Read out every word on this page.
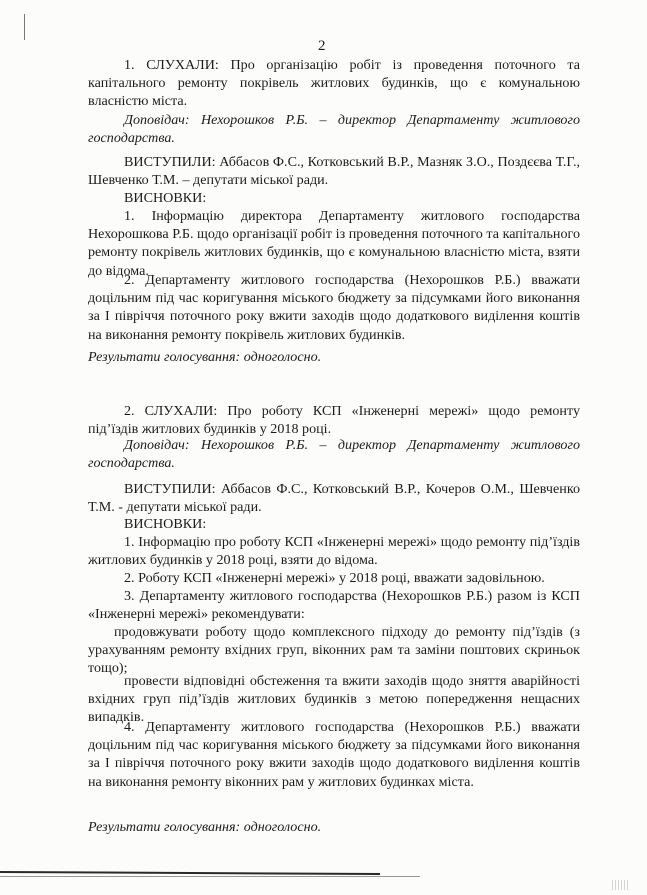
2

1. СЛУХАЛИ: Про організацію робіт із проведення поточного та капітального ремонту покрівель житлових будинків, що є комунальною власністю міста.

Доповідач: Нехорошков Р.Б. – директор Департаменту житлового господарства.

ВИСТУПИЛИ: Аббасов Ф.С., Котковський В.Р., Мазняк З.О., Поздєєва Т.Г., Шевченко Т.М. – депутати міської ради.

ВИСНОВКИ:

1. Інформацію директора Департаменту житлового господарства Нехорошкова Р.Б. щодо організації робіт із проведення поточного та капітального ремонту покрівель житлових будинків, що є комунальною власністю міста, взяти до відома.

2. Департаменту житлового господарства (Нехорошков Р.Б.) вважати доцільним під час коригування міського бюджету за підсумками його виконання за І півріччя поточного року вжити заходів щодо додаткового виділення коштів на виконання ремонту покрівель житлових будинків.

Результати голосування: одноголосно.

2. СЛУХАЛИ: Про роботу КСП «Інженерні мережі» щодо ремонту під’їздів житлових будинків у 2018 році.

Доповідач: Нехорошков Р.Б. – директор Департаменту житлового господарства.

ВИСТУПИЛИ: Аббасов Ф.С., Котковський В.Р., Кочеров О.М., Шевченко Т.М. - депутати міської ради.

ВИСНОВКИ:

1. Інформацію про роботу КСП «Інженерні мережі» щодо ремонту під’їздів житлових будинків у 2018 році, взяти до відома.

2. Роботу КСП «Інженерні мережі» у 2018 році, вважати задовільною.

3. Департаменту житлового господарства (Нехорошков Р.Б.) разом із КСП «Інженерні мережі» рекомендувати:

продовжувати роботу щодо комплексного підходу до ремонту під’їздів (з урахуванням ремонту вхідних груп, віконних рам та заміни поштових скриньок тощо);

провести відповідні обстеження та вжити заходів щодо зняття аварійності вхідних груп під’їздів житлових будинків з метою попередження нещасних випадків.

4. Департаменту житлового господарства (Нехорошков Р.Б.) вважати доцільним під час коригування міського бюджету за підсумками його виконання за І півріччя поточного року вжити заходів щодо додаткового виділення коштів на виконання ремонту віконних рам у житлових будинках міста.

Результати голосування: одноголосно.
